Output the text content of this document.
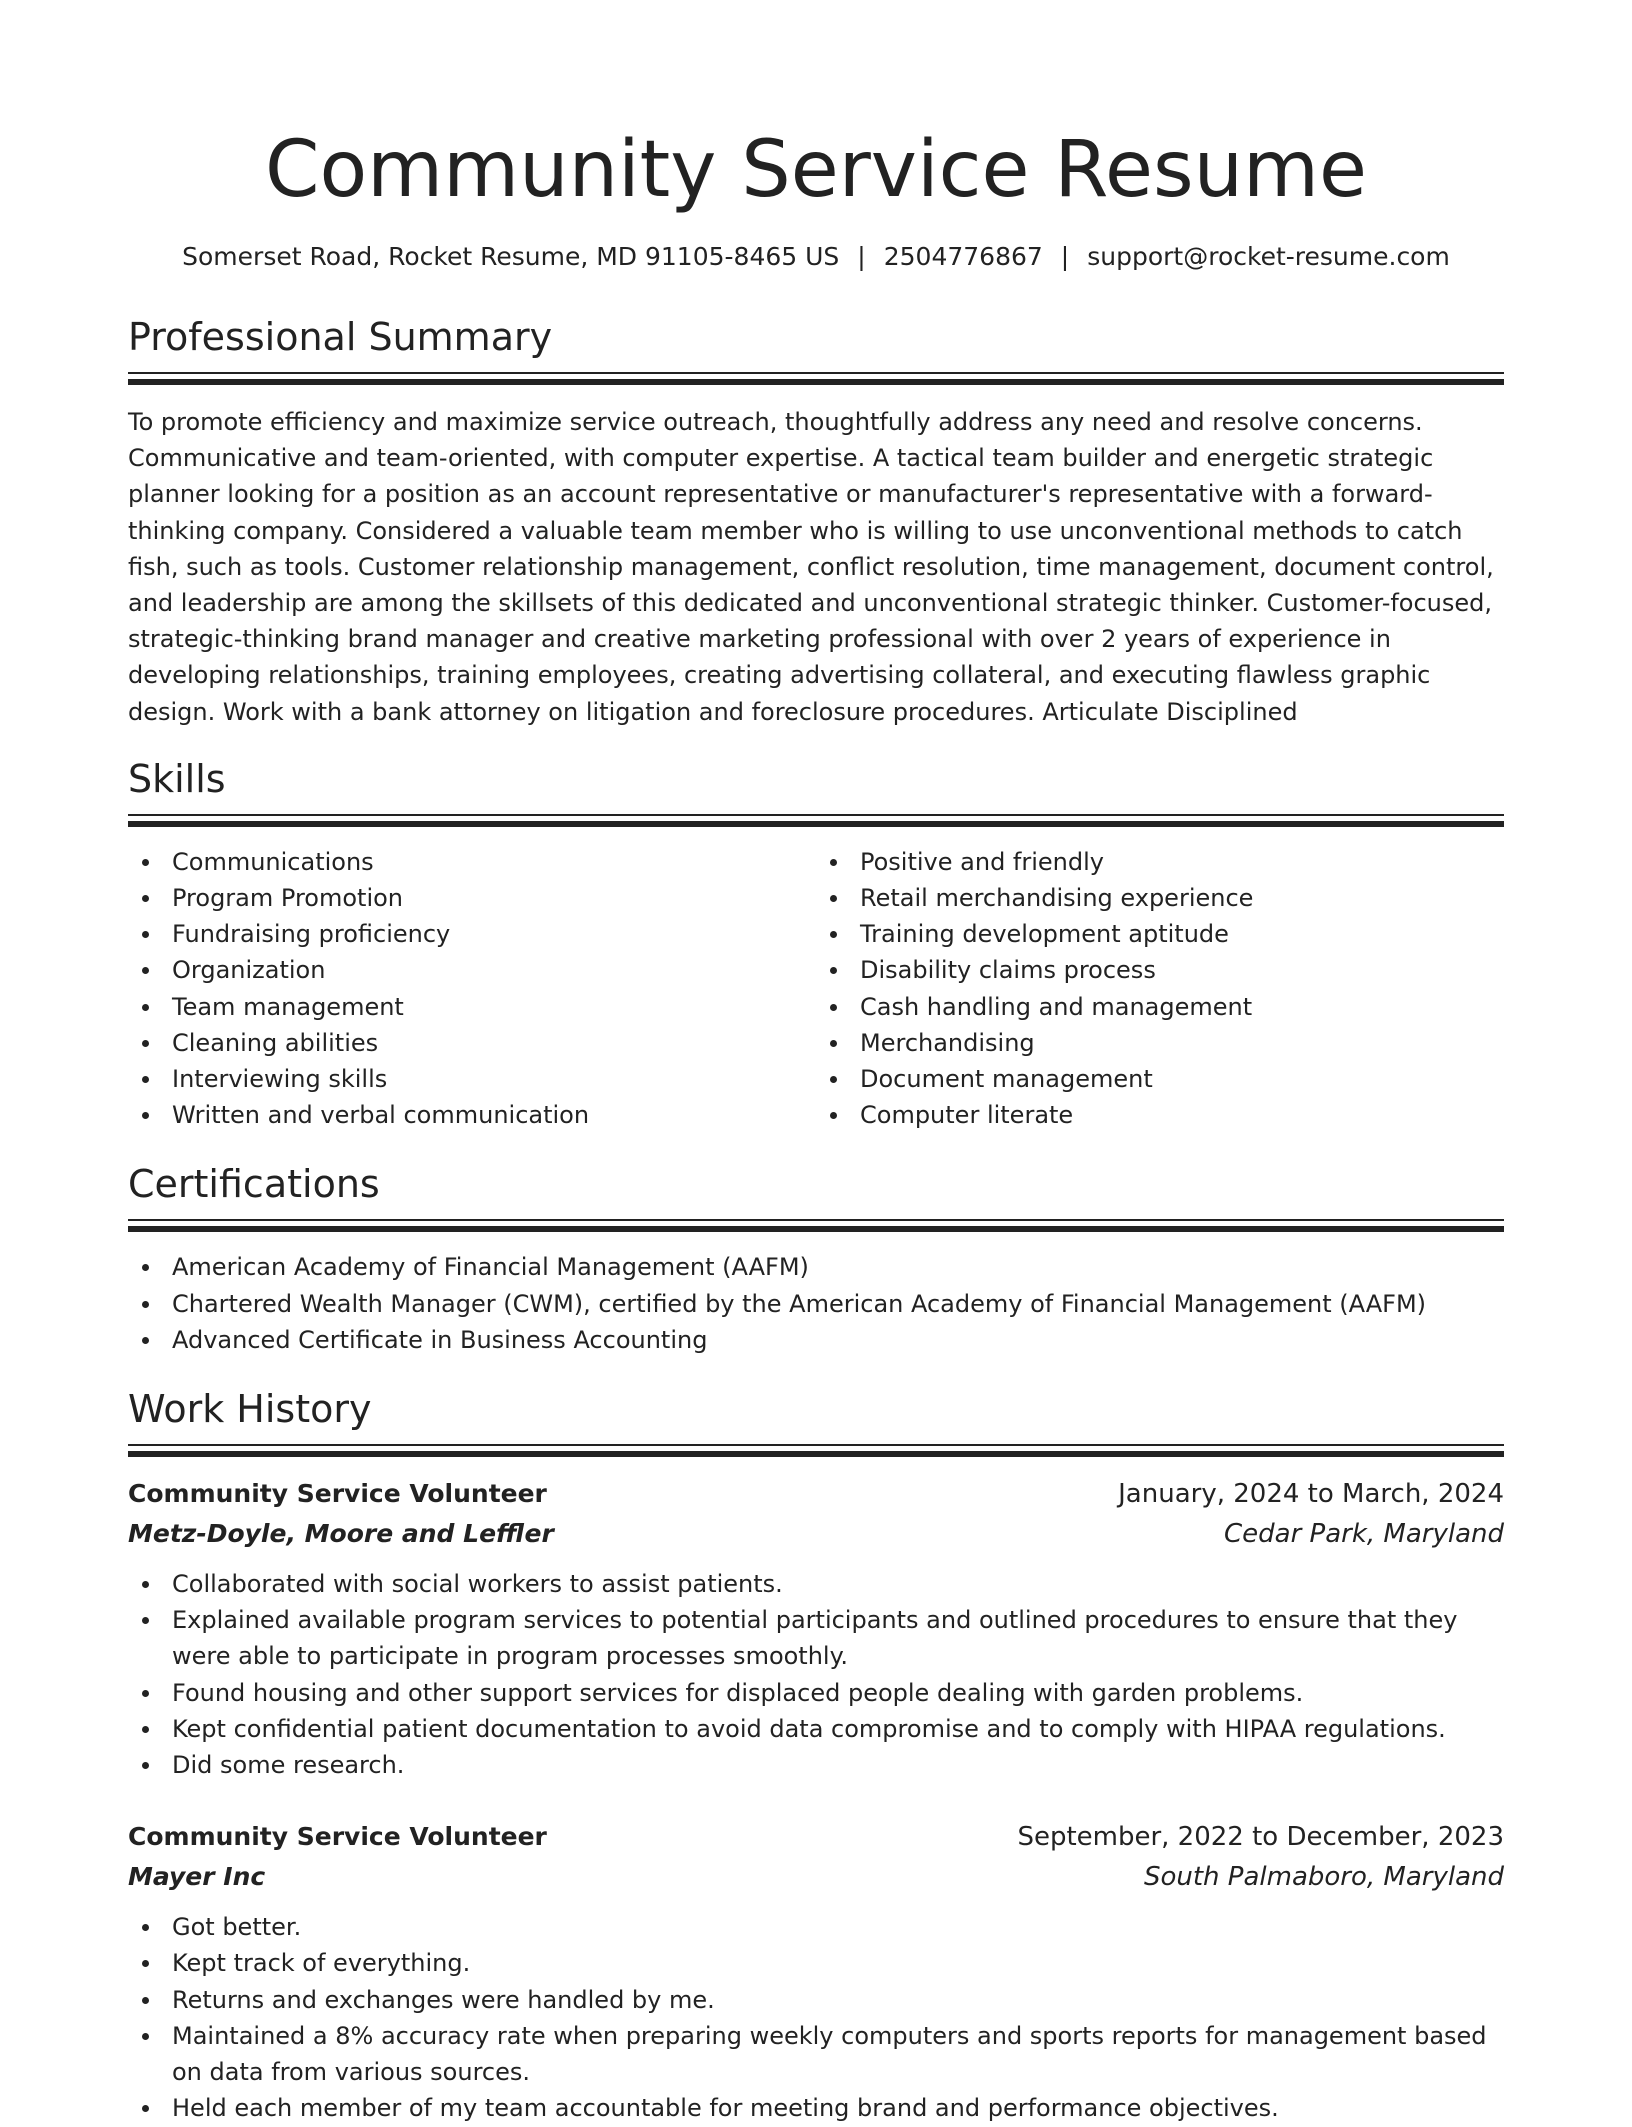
Community Service Resume
Somerset Road, Rocket Resume, MD 91105-8465 US | 2504776867 | support@rocket-resume.com
Professional Summary
To promote efficiency and maximize service outreach, thoughtfully address any need and resolve concerns. Communicative and team-oriented, with computer expertise. A tactical team builder and energetic strategic planner looking for a position as an account representative or manufacturer's representative with a forward-thinking company. Considered a valuable team member who is willing to use unconventional methods to catch fish, such as tools. Customer relationship management, conflict resolution, time management, document control, and leadership are among the skillsets of this dedicated and unconventional strategic thinker. Customer-focused, strategic-thinking brand manager and creative marketing professional with over 2 years of experience in developing relationships, training employees, creating advertising collateral, and executing flawless graphic design. Work with a bank attorney on litigation and foreclosure procedures. Articulate Disciplined
Skills
Communications
Program Promotion
Fundraising proficiency
Organization
Team management
Cleaning abilities
Interviewing skills
Written and verbal communication
Positive and friendly
Retail merchandising experience
Training development aptitude
Disability claims process
Cash handling and management
Merchandising
Document management
Computer literate
Certifications
American Academy of Financial Management (AAFM)
Chartered Wealth Manager (CWM), certified by the American Academy of Financial Management (AAFM)
Advanced Certificate in Business Accounting
Work History
Community Service Volunteer	January, 2024 to March, 2024
Metz-Doyle, Moore and Leffler	Cedar Park, Maryland
Collaborated with social workers to assist patients.
Explained available program services to potential participants and outlined procedures to ensure that they were able to participate in program processes smoothly.
Found housing and other support services for displaced people dealing with garden problems.
Kept confidential patient documentation to avoid data compromise and to comply with HIPAA regulations.
Did some research.
Community Service Volunteer	September, 2022 to December, 2023
Mayer Inc	South Palmaboro, Maryland
Got better.
Kept track of everything.
Returns and exchanges were handled by me.
Maintained a 8% accuracy rate when preparing weekly computers and sports reports for management based on data from various sources.
Held each member of my team accountable for meeting brand and performance objectives.
